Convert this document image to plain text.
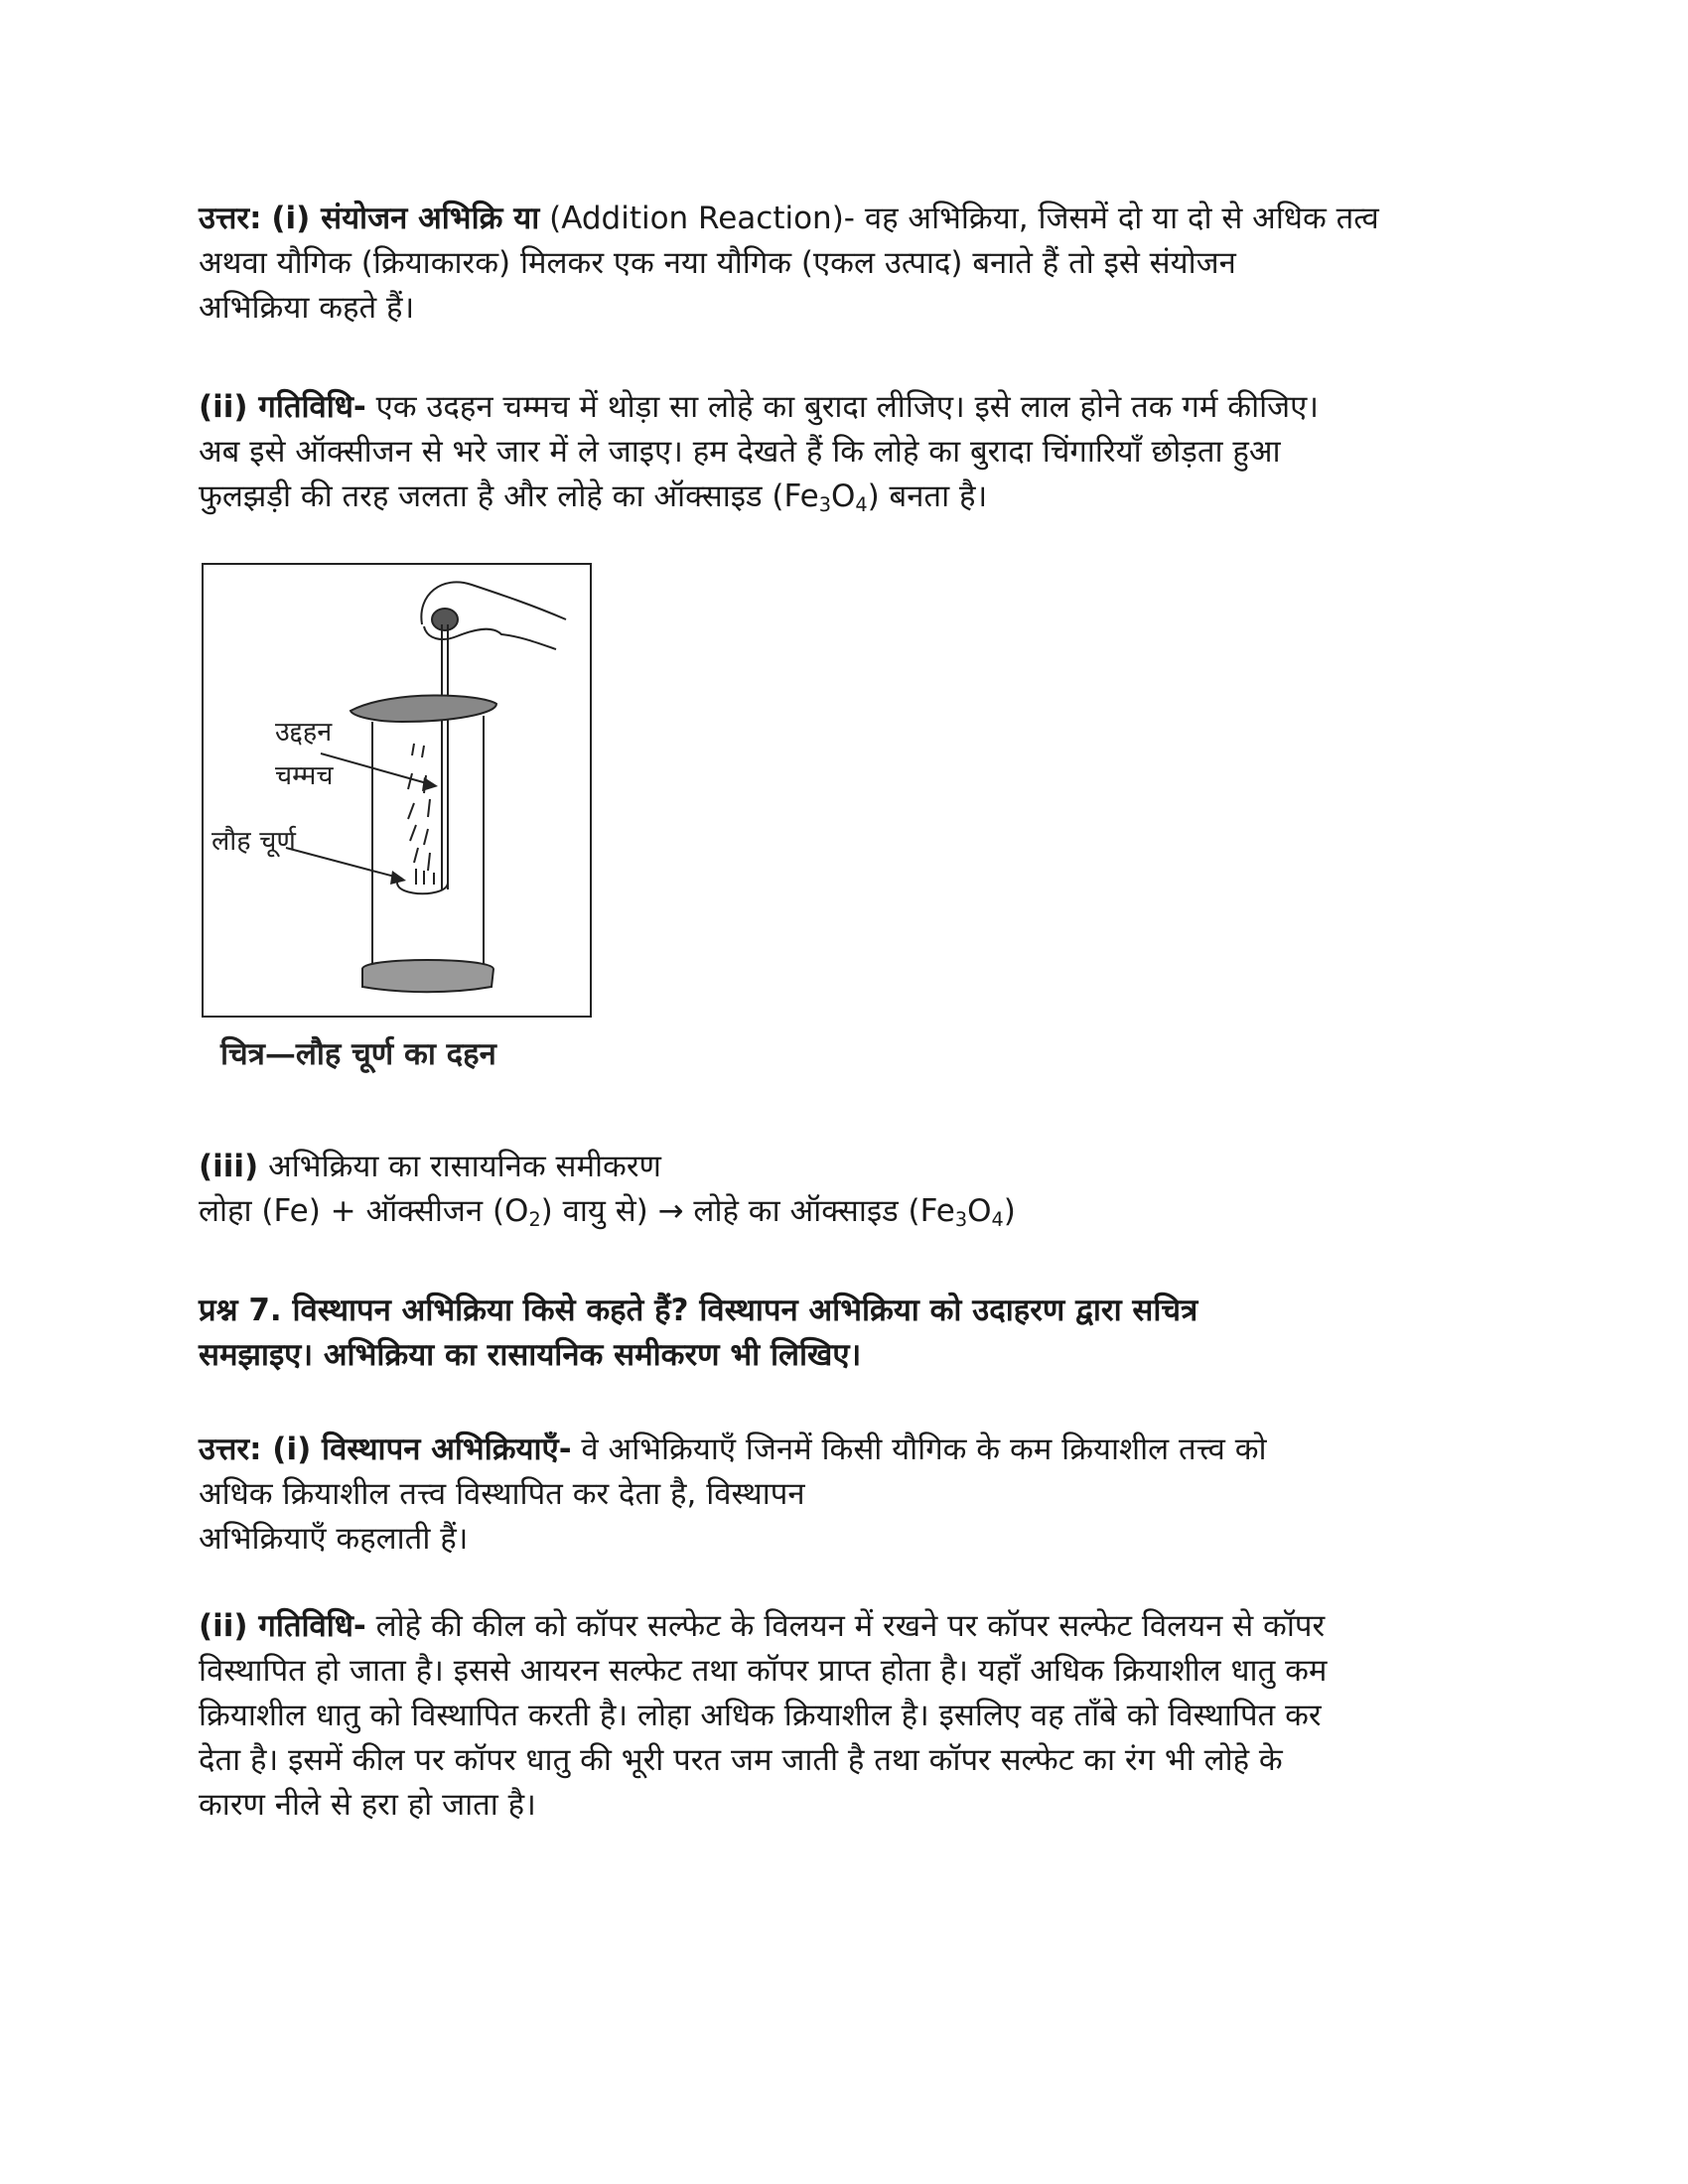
उत्तर: (i) संयोजन अभिक्रि या (Addition Reaction)- वह अभिक्रिया, जिसमें दो या दो से अधिक तत्व
अथवा यौगिक (क्रियाकारक) मिलकर एक नया यौगिक (एकल उत्पाद) बनाते हैं तो इसे संयोजन
अभिक्रिया कहते हैं।
(ii) गतिविधि- एक उदहन चम्मच में थोड़ा सा लोहे का बुरादा लीजिए। इसे लाल होने तक गर्म कीजिए।
अब इसे ऑक्सीजन से भरे जार में ले जाइए। हम देखते हैं कि लोहे का बुरादा चिंगारियाँ छोड़ता हुआ
फुलझड़ी की तरह जलता है और लोहे का ऑक्साइड $(Fe_3O_4)$ बनता है।
उद्दहन
चम्मच
लौह चूर्ण
चित्र—लौह चूर्ण का दहन
(iii) अभिक्रिया का रासायनिक समीकरण
लोहा (Fe) + ऑक्सीजन $(O_2)$ वायु से) → लोहे का ऑक्साइड $(Fe_3O_4)$
प्रश्न 7. विस्थापन अभिक्रिया किसे कहते हैं? विस्थापन अभिक्रिया को उदाहरण द्वारा सचित्र
समझाइए। अभिक्रिया का रासायनिक समीकरण भी लिखिए।
उत्तर: (i) विस्थापन अभिक्रियाएँ- वे अभिक्रियाएँ जिनमें किसी यौगिक के कम क्रियाशील तत्त्व को
अधिक क्रियाशील तत्त्व विस्थापित कर देता है, विस्थापन
अभिक्रियाएँ कहलाती हैं।
(ii) गतिविधि- लोहे की कील को कॉपर सल्फेट के विलयन में रखने पर कॉपर सल्फेट विलयन से कॉपर
विस्थापित हो जाता है। इससे आयरन सल्फेट तथा कॉपर प्राप्त होता है। यहाँ अधिक क्रियाशील धातु कम
क्रियाशील धातु को विस्थापित करती है। लोहा अधिक क्रियाशील है। इसलिए वह ताँबे को विस्थापित कर
देता है। इसमें कील पर कॉपर धातु की भूरी परत जम जाती है तथा कॉपर सल्फेट का रंग भी लोहे के
कारण नीले से हरा हो जाता है।
